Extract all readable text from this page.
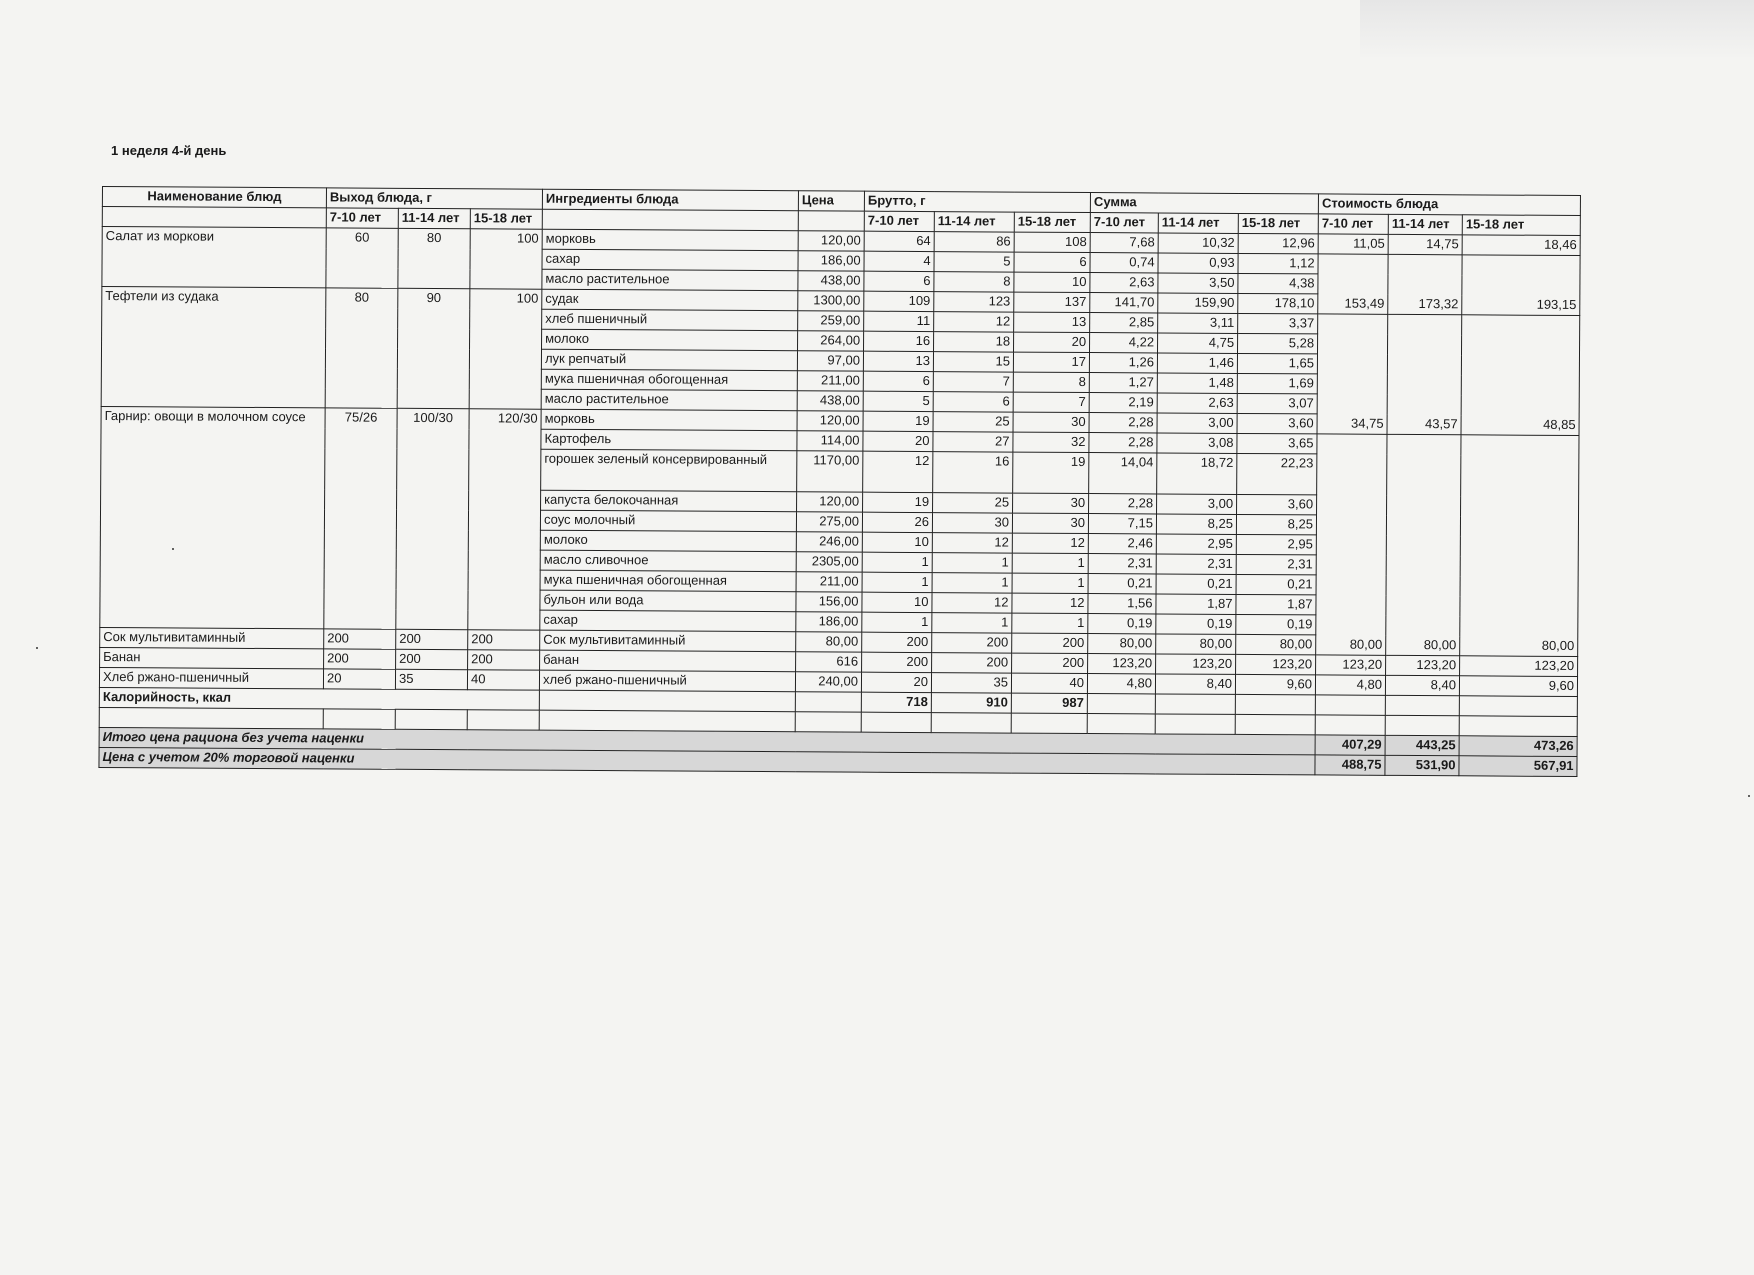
1 неделя 4-й день
Наименование блюд	Выход блюда, г			Ингредиенты блюда	Цена	Брутто, г			Сумма			Стоимость блюда		
	7-10 лет	11-14 лет	15-18 лет			7-10 лет	11-14 лет	15-18 лет	7-10 лет	11-14 лет	15-18 лет	7-10 лет	11-14 лет	15-18 лет
Салат из моркови	60	80	100	морковь	120,00	64	86	108	7,68	10,32	12,96	11,05	14,75	18,46
				сахар	186,00	4	5	6	0,74	0,93	1,12			
				масло растительное	438,00	6	8	10	2,63	3,50	4,38			
Тефтели из судака	80	90	100	судак	1300,00	109	123	137	141,70	159,90	178,10	153,49	173,32	193,15
				хлеб пшеничный	259,00	11	12	13	2,85	3,11	3,37			
				молоко	264,00	16	18	20	4,22	4,75	5,28			
				лук репчатый	97,00	13	15	17	1,26	1,46	1,65			
				мука пшеничная обогощенная	211,00	6	7	8	1,27	1,48	1,69			
				масло растительное	438,00	5	6	7	2,19	2,63	3,07			
Гарнир: овощи в молочном соусе	75/26	100/30	120/30	морковь	120,00	19	25	30	2,28	3,00	3,60	34,75	43,57	48,85
				Картофель	114,00	20	27	32	2,28	3,08	3,65			
				горошек зеленый консервированный	1170,00	12	16	19	14,04	18,72	22,23			
				капуста белокочанная	120,00	19	25	30	2,28	3,00	3,60			
				соус молочный	275,00	26	30	30	7,15	8,25	8,25			
				молоко	246,00	10	12	12	2,46	2,95	2,95			
				масло сливочное	2305,00	1	1	1	2,31	2,31	2,31			
				мука пшеничная обогощенная	211,00	1	1	1	0,21	0,21	0,21			
				бульон или вода	156,00	10	12	12	1,56	1,87	1,87			
				сахар	186,00	1	1	1	0,19	0,19	0,19			
Сок мультивитаминный	200	200	200	Сок мультивитаминный	80,00	200	200	200	80,00	80,00	80,00	80,00	80,00	80,00
Банан	200	200	200	банан	616	200	200	200	123,20	123,20	123,20	123,20	123,20	123,20
Хлеб ржано-пшеничный	20	35	40	хлеб ржано-пшеничный	240,00	20	35	40	4,80	8,40	9,60	4,80	8,40	9,60
Калорийность, ккал						718	910	987						

Итого цена рациона без учета наценки												407,29	443,25	473,26
Цена с учетом 20% торговой наценки												488,75	531,90	567,91
